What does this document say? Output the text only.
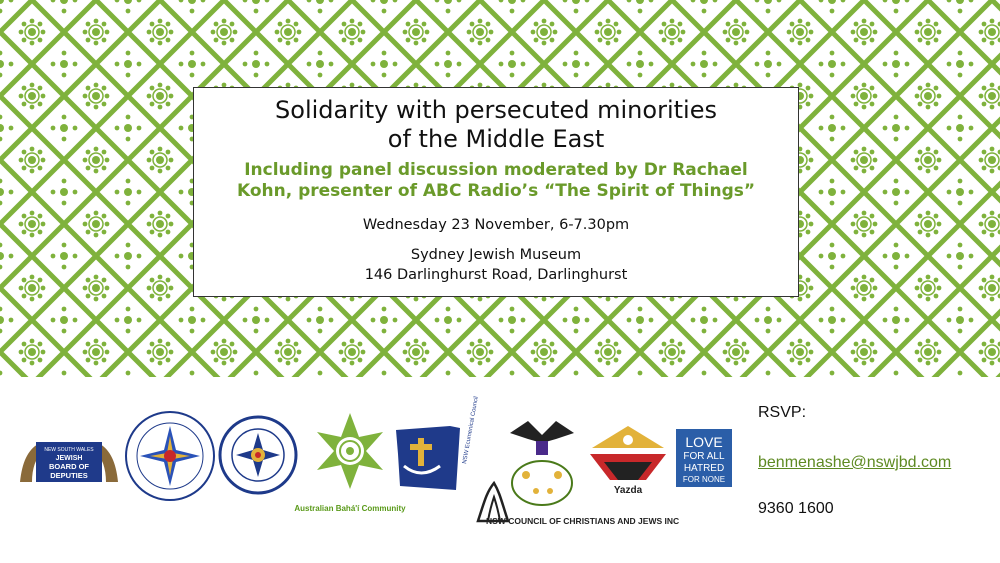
Solidarity with persecuted minorities
of the Middle East
Including panel discussion moderated by Dr Rachael Kohn, presenter of ABC Radio’s “The Spirit of Things”
Wednesday 23 November, 6-7.30pm
Sydney Jewish Museum
146 Darlinghurst Road, Darlinghurst
NEW SOUTH WALES
JEWISH
BOARD OF
DEPUTIES
Australian Bahá'í Community
NSW Ecumenical Council
NSW COUNCIL OF CHRISTIANS AND JEWS INC
Yazda
LOVE
FOR ALL
HATRED
FOR NONE
RSVP:
benmenashe@nswjbd.com
9360 1600
